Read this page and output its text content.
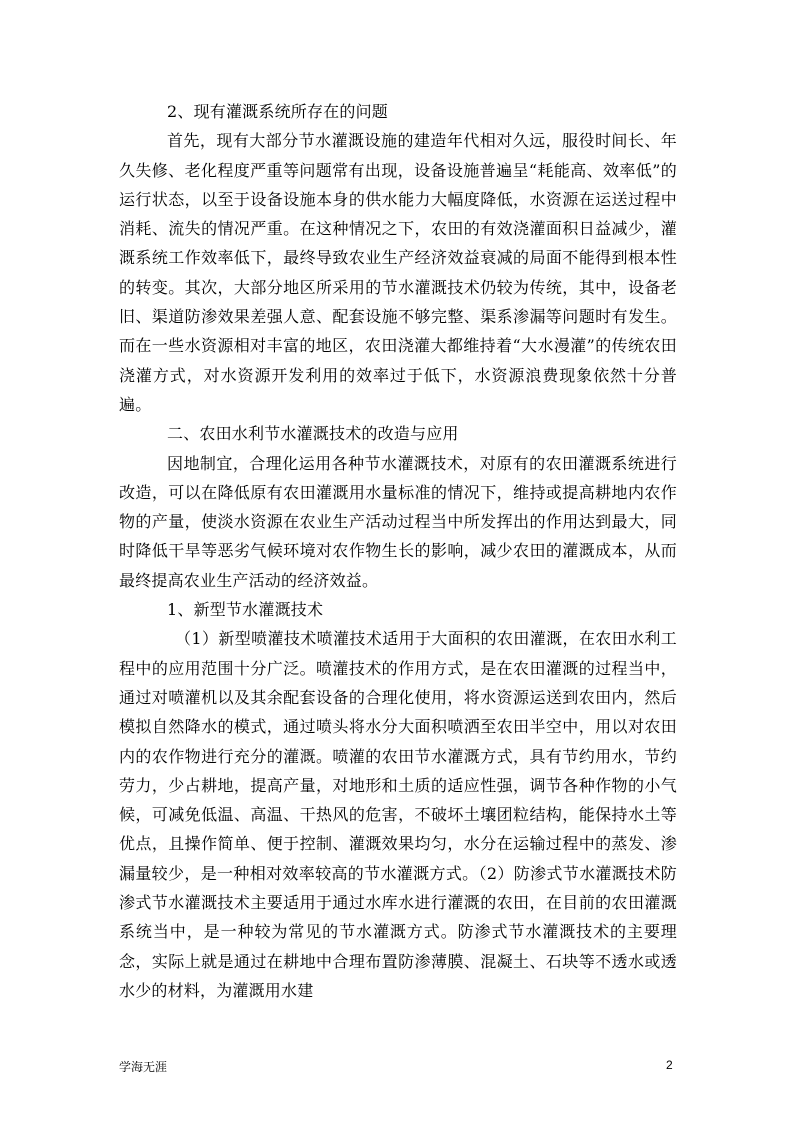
2、现有灌溉系统所存在的问题

首先，现有大部分节水灌溉设施的建造年代相对久远，服役时间长、年久失修、老化程度严重等问题常有出现，设备设施普遍呈“耗能高、效率低”的运行状态，以至于设备设施本身的供水能力大幅度降低，水资源在运送过程中消耗、流失的情况严重。在这种情况之下，农田的有效浇灌面积日益减少，灌溉系统工作效率低下，最终导致农业生产经济效益衰减的局面不能得到根本性的转变。其次，大部分地区所采用的节水灌溉技术仍较为传统，其中，设备老旧、渠道防渗效果差强人意、配套设施不够完整、渠系渗漏等问题时有发生。而在一些水资源相对丰富的地区，农田浇灌大都维持着“大水漫灌”的传统农田浇灌方式，对水资源开发利用的效率过于低下，水资源浪费现象依然十分普遍。

二、农田水利节水灌溉技术的改造与应用

因地制宜，合理化运用各种节水灌溉技术，对原有的农田灌溉系统进行改造，可以在降低原有农田灌溉用水量标准的情况下，维持或提高耕地内农作物的产量，使淡水资源在农业生产活动过程当中所发挥出的作用达到最大，同时降低干旱等恶劣气候环境对农作物生长的影响，减少农田的灌溉成本，从而最终提高农业生产活动的经济效益。

1、新型节水灌溉技术

（1）新型喷灌技术喷灌技术适用于大面积的农田灌溉，在农田水利工程中的应用范围十分广泛。喷灌技术的作用方式，是在农田灌溉的过程当中，通过对喷灌机以及其余配套设备的合理化使用，将水资源运送到农田内，然后模拟自然降水的模式，通过喷头将水分大面积喷洒至农田半空中，用以对农田内的农作物进行充分的灌溉。喷灌的农田节水灌溉方式，具有节约用水，节约劳力，少占耕地，提高产量，对地形和土质的适应性强，调节各种作物的小气候，可减免低温、高温、干热风的危害，不破坏土壤团粒结构，能保持水土等优点，且操作简单、便于控制、灌溉效果均匀，水分在运输过程中的蒸发、渗漏量较少，是一种相对效率较高的节水灌溉方式。（2）防渗式节水灌溉技术防渗式节水灌溉技术主要适用于通过水库水进行灌溉的农田，在目前的农田灌溉系统当中，是一种较为常见的节水灌溉方式。防渗式节水灌溉技术的主要理念，实际上就是通过在耕地中合理布置防渗薄膜、混凝土、石块等不透水或透水少的材料，为灌溉用水建

学海无涯	2
